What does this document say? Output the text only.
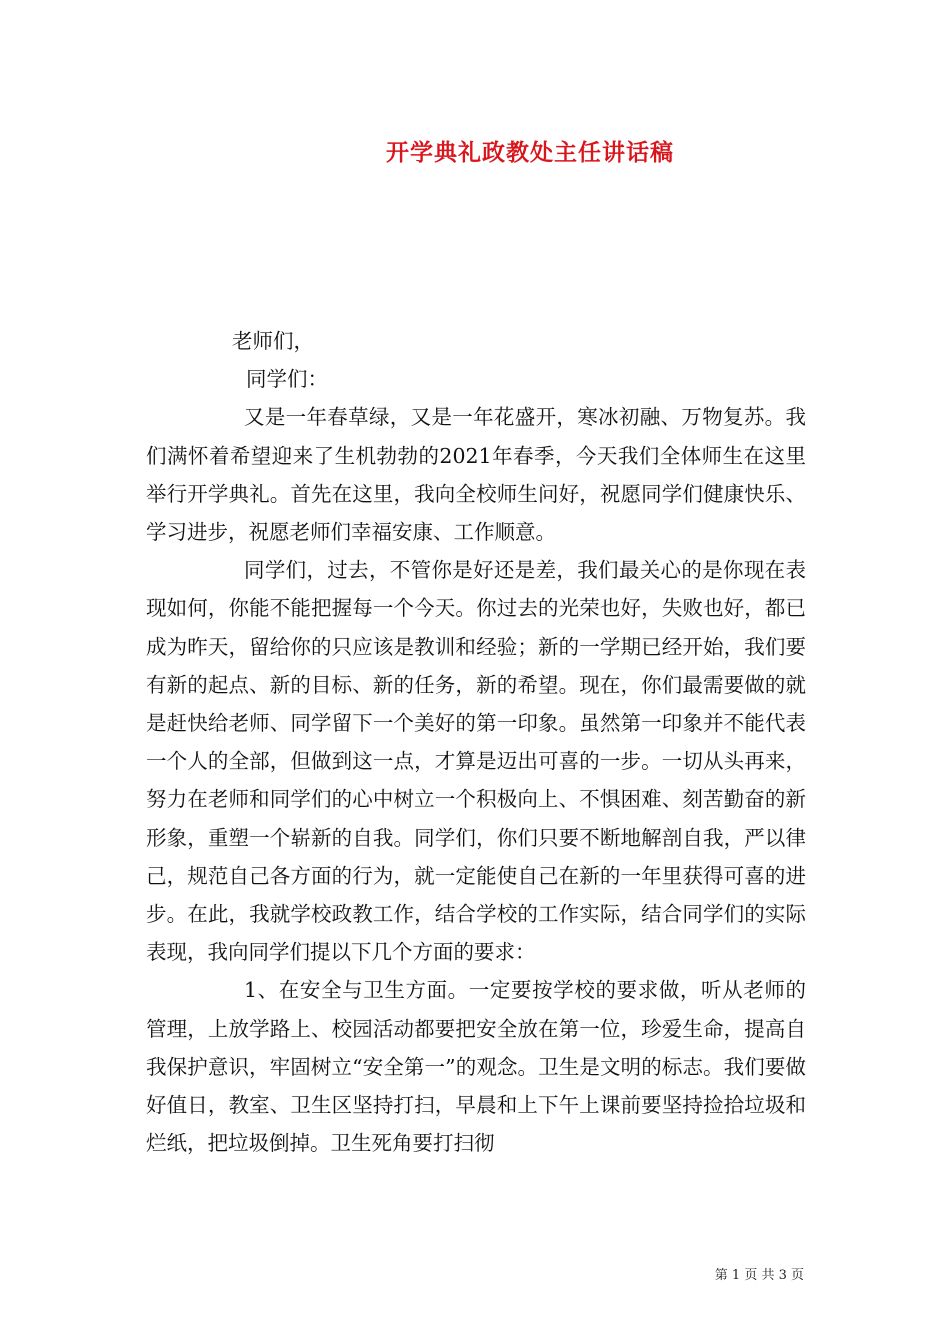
开学典礼政教处主任讲话稿

老师们，

同学们：

又是一年春草绿，又是一年花盛开，寒冰初融、万物复苏。我们满怀着希望迎来了生机勃勃的2021年春季，今天我们全体师生在这里举行开学典礼。首先在这里，我向全校师生问好，祝愿同学们健康快乐、学习进步，祝愿老师们幸福安康、工作顺意。

同学们，过去，不管你是好还是差，我们最关心的是你现在表现如何，你能不能把握每一个今天。你过去的光荣也好，失败也好，都已成为昨天，留给你的只应该是教训和经验；新的一学期已经开始，我们要有新的起点、新的目标、新的任务，新的希望。现在，你们最需要做的就是赶快给老师、同学留下一个美好的第一印象。虽然第一印象并不能代表一个人的全部，但做到这一点，才算是迈出可喜的一步。一切从头再来，努力在老师和同学们的心中树立一个积极向上、不惧困难、刻苦勤奋的新形象，重塑一个崭新的自我。同学们，你们只要不断地解剖自我，严以律己，规范自己各方面的行为，就一定能使自己在新的一年里获得可喜的进步。在此，我就学校政教工作，结合学校的工作实际，结合同学们的实际表现，我向同学们提以下几个方面的要求：

1、在安全与卫生方面。一定要按学校的要求做，听从老师的管理，上放学路上、校园活动都要把安全放在第一位，珍爱生命，提高自我保护意识，牢固树立“安全第一”的观念。卫生是文明的标志。我们要做好值日，教室、卫生区坚持打扫，早晨和上下午上课前要坚持捡拾垃圾和烂纸，把垃圾倒掉。卫生死角要打扫彻

第 1 页 共 3 页
